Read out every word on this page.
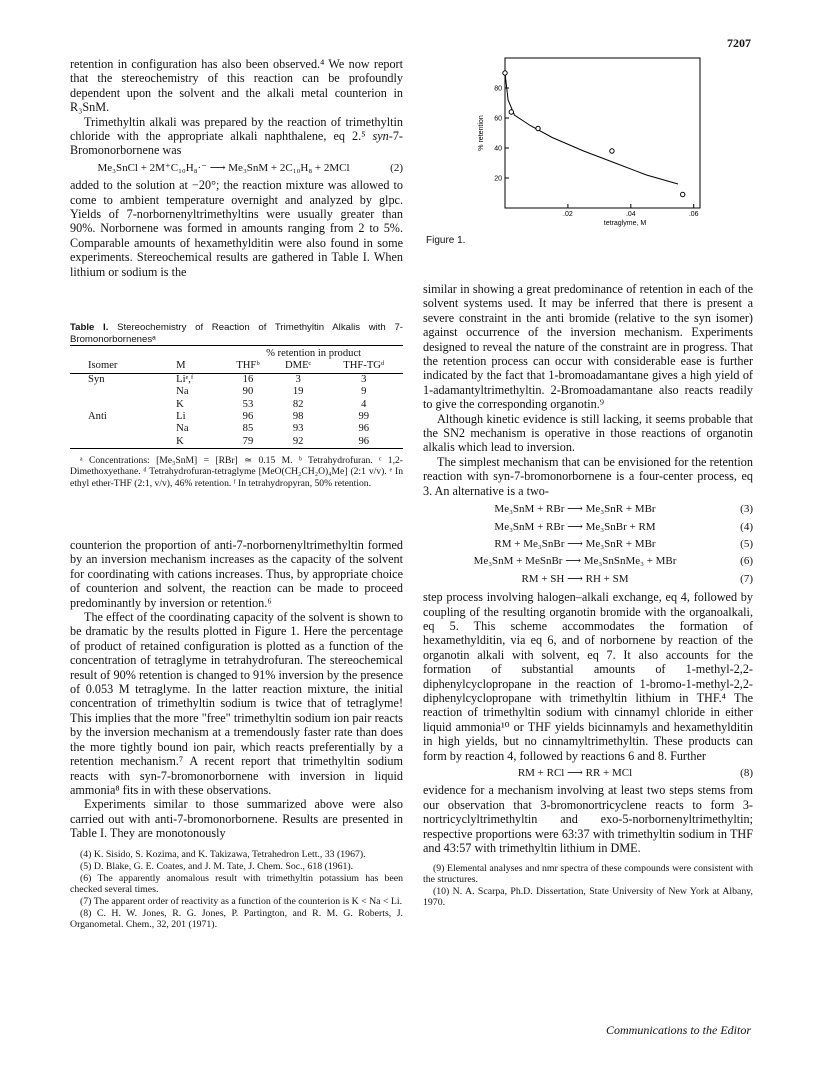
7207

retention in configuration has also been observed.⁴ We now report that the stereochemistry of this reaction can be profoundly dependent upon the solvent and the alkali metal counterion in R₃SnM.

Trimethyltin alkali was prepared by the reaction of trimethyltin chloride with the appropriate alkali naphthalene, eq 2.⁵ syn-7-Bromonorbornene was

Me₃SnCl + 2M⁺C₁₀H₈·⁻ ⟶ Me₃SnM + 2C₁₀H₈ + 2MCl	(2)

added to the solution at −20°; the reaction mixture was allowed to come to ambient temperature overnight and analyzed by glpc. Yields of 7-norbornenyltrimethyltins were usually greater than 90%. Norbornene was formed in amounts ranging from 2 to 5%. Comparable amounts of hexamethylditin were also found in some experiments. Stereochemical results are gathered in Table I. When lithium or sodium is the

Table I. Stereochemistry of Reaction of Trimethyltin Alkalis with 7-Bromonorbornenesᵃ

		% retention in product		
Isomer	M	THFᵇ	DMEᶜ	THF-TGᵈ
Syn	Liᵉ,ᶠ	16	3	3
	Na	90	19	9
	K	53	82	4
Anti	Li	96	98	99
	Na	85	93	96
	K	79	92	96

ᵃ Concentrations: [Me₃SnM] = [RBr] ≃ 0.15 M. ᵇ Tetrahydrofuran. ᶜ 1,2-Dimethoxyethane. ᵈ Tetrahydrofuran-tetraglyme [MeO(CH₂CH₂O)₄Me] (2:1 v/v). ᵉ In ethyl ether-THF (2:1, v/v), 46% retention. ᶠ In tetrahydropyran, 50% retention.

counterion the proportion of anti-7-norbornenyltrimethyltin formed by an inversion mechanism increases as the capacity of the solvent for coordinating with cations increases. Thus, by appropriate choice of counterion and solvent, the reaction can be made to proceed predominantly by inversion or retention.⁶

The effect of the coordinating capacity of the solvent is shown to be dramatic by the results plotted in Figure 1. Here the percentage of product of retained configuration is plotted as a function of the concentration of tetraglyme in tetrahydrofuran. The stereochemical result of 90% retention is changed to 91% inversion by the presence of 0.053 M tetraglyme. In the latter reaction mixture, the initial concentration of trimethyltin sodium is twice that of tetraglyme! This implies that the more "free" trimethyltin sodium ion pair reacts by the inversion mechanism at a tremendously faster rate than does the more tightly bound ion pair, which reacts preferentially by a retention mechanism.⁷ A recent report that trimethyltin sodium reacts with syn-7-bromonorbornene with inversion in liquid ammonia⁸ fits in with these observations.

Experiments similar to those summarized above were also carried out with anti-7-bromonorbornene. Results are presented in Table I. They are monotonously

(4) K. Sisido, S. Kozima, and K. Takizawa, Tetrahedron Lett., 33 (1967).

(5) D. Blake, G. E. Coates, and J. M. Tate, J. Chem. Soc., 618 (1961).

(6) The apparently anomalous result with trimethyltin potassium has been checked several times.

(7) The apparent order of reactivity as a function of the counterion is K < Na < Li.

(8) C. H. W. Jones, R. G. Jones, P. Partington, and R. M. G. Roberts, J. Organometal. Chem., 32, 201 (1971).

20
40
60
80
.02	.04	.06
% retention
tetraglyme, M
Figure 1.

similar in showing a great predominance of retention in each of the solvent systems used. It may be inferred that there is present a severe constraint in the anti bromide (relative to the syn isomer) against occurrence of the inversion mechanism. Experiments designed to reveal the nature of the constraint are in progress. That the retention process can occur with considerable ease is further indicated by the fact that 1-bromoadamantane gives a high yield of 1-adamantyltrimethyltin. 2-Bromoadamantane also reacts readily to give the corresponding organotin.⁹

Although kinetic evidence is still lacking, it seems probable that the SN2 mechanism is operative in those reactions of organotin alkalis which lead to inversion.

The simplest mechanism that can be envisioned for the retention reaction with syn-7-bromonorbornene is a four-center process, eq 3. An alternative is a two-

Me₃SnM + RBr ⟶ Me₃SnR + MBr	(3)
Me₃SnM + RBr ⟶ Me₃SnBr + RM	(4)
RM + Me₃SnBr ⟶ Me₃SnR + MBr	(5)
Me₃SnM + MeSnBr ⟶ Me₃SnSnMe₃ + MBr	(6)
RM + SH ⟶ RH + SM	(7)

step process involving halogen–alkali exchange, eq 4, followed by coupling of the resulting organotin bromide with the organoalkali, eq 5. This scheme accommodates the formation of hexamethylditin, via eq 6, and of norbornene by reaction of the organotin alkali with solvent, eq 7. It also accounts for the formation of substantial amounts of 1-methyl-2,2-diphenylcyclopropane in the reaction of 1-bromo-1-methyl-2,2-diphenylcyclopropane with trimethyltin lithium in THF.⁴ The reaction of trimethyltin sodium with cinnamyl chloride in either liquid ammonia¹⁰ or THF yields bicinnamyls and hexamethylditin in high yields, but no cinnamyltrimethyltin. These products can form by reaction 4, followed by reactions 6 and 8. Further

RM + RCl ⟶ RR + MCl	(8)

evidence for a mechanism involving at least two steps stems from our observation that 3-bromonortricyclene reacts to form 3-nortricyclyltrimethyltin and exo-5-norbornenyltrimethyltin; respective proportions were 63:37 with trimethyltin sodium in THF and 43:57 with trimethyltin lithium in DME.

(9) Elemental analyses and nmr spectra of these compounds were consistent with the structures.

(10) N. A. Scarpa, Ph.D. Dissertation, State University of New York at Albany, 1970.

Communications to the Editor
